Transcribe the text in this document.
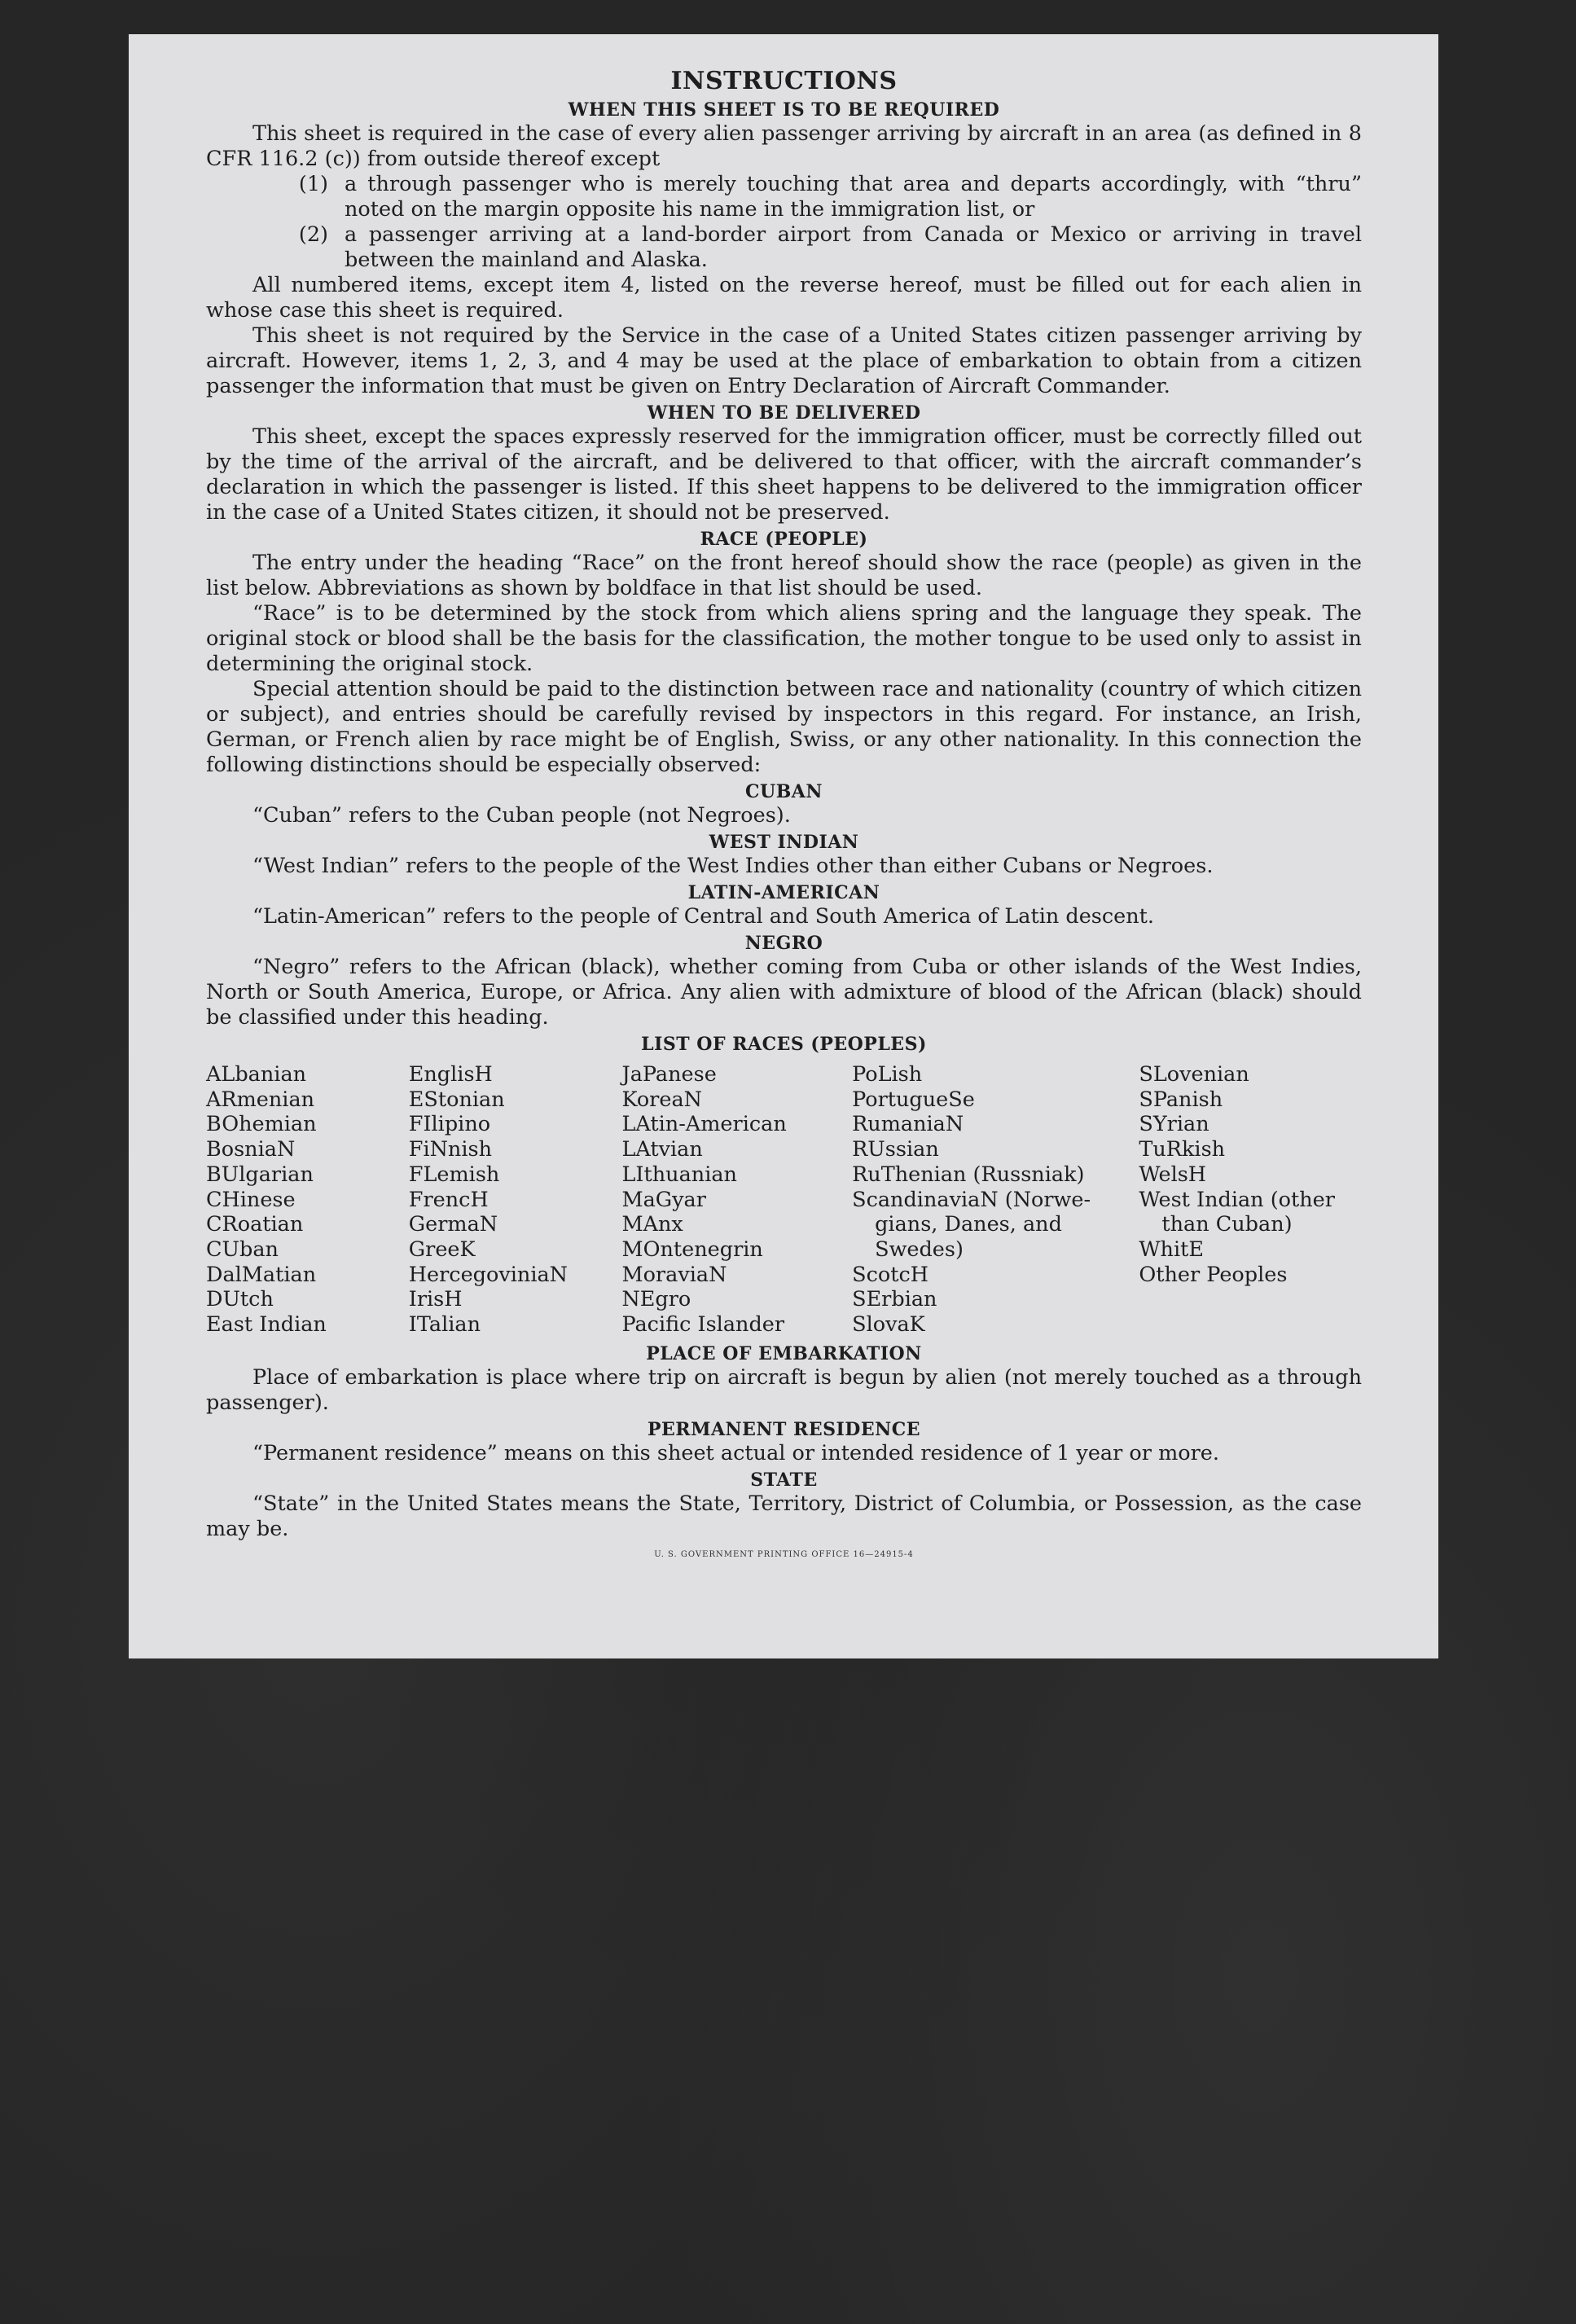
INSTRUCTIONS
WHEN THIS SHEET IS TO BE REQUIRED

This sheet is required in the case of every alien passenger arriving by aircraft in an area (as defined in 8 CFR 116.2 (c)) from outside thereof except

(1) a through passenger who is merely touching that area and departs accordingly, with “thru” noted on the margin opposite his name in the immigration list, or
(2) a passenger arriving at a land-border airport from Canada or Mexico or arriving in travel between the mainland and Alaska.

All numbered items, except item 4, listed on the reverse hereof, must be filled out for each alien in whose case this sheet is required.

This sheet is not required by the Service in the case of a United States citizen passenger arriving by aircraft. However, items 1, 2, 3, and 4 may be used at the place of embarkation to obtain from a citizen passenger the information that must be given on Entry Declaration of Aircraft Commander.

WHEN TO BE DELIVERED

This sheet, except the spaces expressly reserved for the immigration officer, must be correctly filled out by the time of the arrival of the aircraft, and be delivered to that officer, with the aircraft commander’s declaration in which the passenger is listed. If this sheet happens to be delivered to the immigration officer in the case of a United States citizen, it should not be preserved.

RACE (PEOPLE)

The entry under the heading “Race” on the front hereof should show the race (people) as given in the list below. Abbreviations as shown by boldface in that list should be used.

“Race” is to be determined by the stock from which aliens spring and the language they speak. The original stock or blood shall be the basis for the classification, the mother tongue to be used only to assist in determining the original stock.

Special attention should be paid to the distinction between race and nationality (country of which citizen or subject), and entries should be carefully revised by inspectors in this regard. For instance, an Irish, German, or French alien by race might be of English, Swiss, or any other nationality. In this connection the following distinctions should be especially observed:

CUBAN

“Cuban” refers to the Cuban people (not Negroes).

WEST INDIAN

“West Indian” refers to the people of the West Indies other than either Cubans or Negroes.

LATIN-AMERICAN

“Latin-American” refers to the people of Central and South America of Latin descent.

NEGRO

“Negro” refers to the African (black), whether coming from Cuba or other islands of the West Indies, North or South America, Europe, or Africa. Any alien with admixture of blood of the African (black) should be classified under this heading.

LIST OF RACES (PEOPLES)
ALbanian
ARmenian
BOhemian
BosniaN
BUlgarian
CHinese
CRoatian
CUban
DalMatian
DUtch
East Indian
EnglisH
EStonian
FIlipino
FiNnish
FLemish
FrencH
GermaN
GreeK
HercegoviniaN
IrisH
ITalian
JaPanese
KoreaN
LAtin-American
LAtvian
LIthuanian
MaGyar
MAnx
MOntenegrin
MoraviaN
NEgro
Pacific Islander
PoLish
PortugueSe
RumaniaN
RUssian
RuThenian (Russniak)
ScandinaviaN (Norwe-
gians, Danes, and
Swedes)
ScotcH
SErbian
SlovaK
SLovenian
SPanish
SYrian
TuRkish
WelsH
West Indian (other
than Cuban)
WhitE
Other Peoples
PLACE OF EMBARKATION

Place of embarkation is place where trip on aircraft is begun by alien (not merely touched as a through passenger).

PERMANENT RESIDENCE

“Permanent residence” means on this sheet actual or intended residence of 1 year or more.

STATE

“State” in the United States means the State, Territory, District of Columbia, or Possession, as the case may be.

U. S. GOVERNMENT PRINTING OFFICE 16—24915-4
